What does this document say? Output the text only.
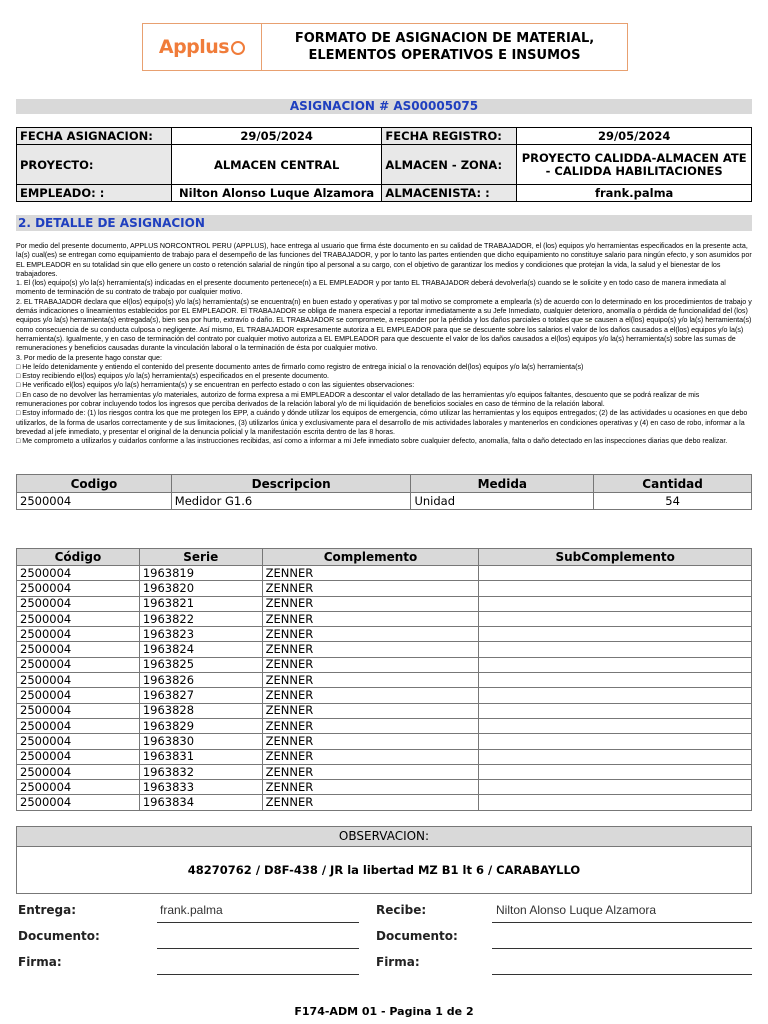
Applus	FORMATO DE ASIGNACION DE MATERIAL,
ELEMENTOS OPERATIVOS E INSUMOS
ASIGNACION # AS00005075
FECHA ASIGNACION:	29/05/2024	FECHA REGISTRO:	29/05/2024
PROYECTO:	ALMACEN CENTRAL	ALMACEN - ZONA:	PROYECTO CALIDDA-ALMACEN ATE - CALIDDA HABILITACIONES
EMPLEADO: :	Nilton Alonso Luque Alzamora	ALMACENISTA: :	frank.palma
2. DETALLE DE ASIGNACION

Por medio del presente documento, APPLUS NORCONTROL PERU (APPLUS), hace entrega al usuario que firma éste documento en su calidad de TRABAJADOR, el (los) equipos y/o herramientas especificados en la presente acta, la(s) cual(es) se entregan como equipamiento de trabajo para el desempeño de las funciones del TRABAJADOR, y por lo tanto las partes entienden que dicho equipamiento no constituye salario para ningún efecto, y son asumidos por EL EMPLEADOR en su totalidad sin que ello genere un costo o retención salarial de ningún tipo al personal a su cargo, con el objetivo de garantizar los medios y condiciones que protejan la vida, la salud y el bienestar de los trabajadores.

1. El (los) equipo(s) y/o la(s) herramienta(s) indicadas en el presente documento pertenece(n) a EL EMPLEADOR y por tanto EL TRABAJADOR deberá devolverla(s) cuando se le solicite y en todo caso de manera inmediata al momento de terminación de su contrato de trabajo por cualquier motivo.

2. EL TRABAJADOR declara que el(los) equipo(s) y/o la(s) herramienta(s) se encuentra(n) en buen estado y operativas y por tal motivo se compromete a emplearla (s) de acuerdo con lo determinado en los procedimientos de trabajo y demás indicaciones o lineamientos establecidos por EL EMPLEADOR. El TRABAJADOR se obliga de manera especial a reportar inmediatamente a su Jefe Inmediato, cualquier deterioro, anomalía o pérdida de funcionalidad del (los) equipos y/o la(s) herramienta(s) entregada(s), bien sea por hurto, extravío o daño. EL TRABAJADOR se compromete, a responder por la pérdida y los daños parciales o totales que se causen a el(los) equipo(s) y/o la(s) herramienta(s) como consecuencia de su conducta culposa o negligente. Así mismo, EL TRABAJADOR expresamente autoriza a EL EMPLEADOR para que se descuente sobre los salarios el valor de los daños causados a el(los) equipos y/o la(s) herramienta(s). Igualmente, y en caso de terminación del contrato por cualquier motivo autoriza a EL EMPLEADOR para que descuente el valor de los daños causados a el(los) equipos y/o la(s) herramienta(s) sobre las sumas de remuneraciones y beneficios causadas durante la vinculación laboral o la terminación de ésta por cualquier motivo.

3. Por medio de la presente hago constar que:

□ He leído detenidamente y entiendo el contenido del presente documento antes de firmarlo como registro de entrega inicial o la renovación del(los) equipos y/o la(s) herramienta(s)

□ Estoy recibiendo el(los) equipos y/o la(s) herramienta(s) especificados en el presente documento.

□ He verificado el(los) equipos y/o la(s) herramienta(s) y se encuentran en perfecto estado o con las siguientes observaciones:

□ En caso de no devolver las herramientas y/o materiales, autorizo de forma expresa a mi EMPLEADOR a descontar el valor detallado de las herramientas y/o equipos faltantes, descuento que se podrá realizar de mis remuneraciones por cobrar incluyendo todos los ingresos que perciba derivados de la relación laboral y/o de mi liquidación de beneficios sociales en caso de término de la relación laboral.

□ Estoy informado de: (1) los riesgos contra los que me protegen los EPP, a cuándo y dónde utilizar los equipos de emergencia, cómo utilizar las herramientas y los equipos entregados; (2) de las actividades u ocasiones en que debo utilizarlos, de la forma de usarlos correctamente y de sus limitaciones, (3) utilizarlos única y exclusivamente para el desarrollo de mis actividades laborales y mantenerlos en condiciones operativas y (4) en caso de robo, informar a la brevedad al jefe inmediato, y presentar el original de la denuncia policial y la manifestación escrita dentro de las 8 horas.

□ Me comprometo a utilizarlos y cuidarlos conforme a las instrucciones recibidas, así como a informar a mi Jefe inmediato sobre cualquier defecto, anomalía, falta o daño detectado en las inspecciones diarias que debo realizar.

Codigo	Descripcion	Medida	Cantidad
2500004	Medidor G1.6	Unidad	54
Código	Serie	Complemento	SubComplemento
2500004	1963819	ZENNER	
2500004	1963820	ZENNER	
2500004	1963821	ZENNER	
2500004	1963822	ZENNER	
2500004	1963823	ZENNER	
2500004	1963824	ZENNER	
2500004	1963825	ZENNER	
2500004	1963826	ZENNER	
2500004	1963827	ZENNER	
2500004	1963828	ZENNER	
2500004	1963829	ZENNER	
2500004	1963830	ZENNER	
2500004	1963831	ZENNER	
2500004	1963832	ZENNER	
2500004	1963833	ZENNER	
2500004	1963834	ZENNER	
OBSERVACION:
48270762 / D8F-438 / JR la libertad MZ B1 lt 6 / CARABAYLLO
Entrega:	frank.palma	Recibe:	Nilton Alonso Luque Alzamora
Documento:	Documento:
Firma:	Firma:
F174-ADM 01 - Pagina 1 de 2
